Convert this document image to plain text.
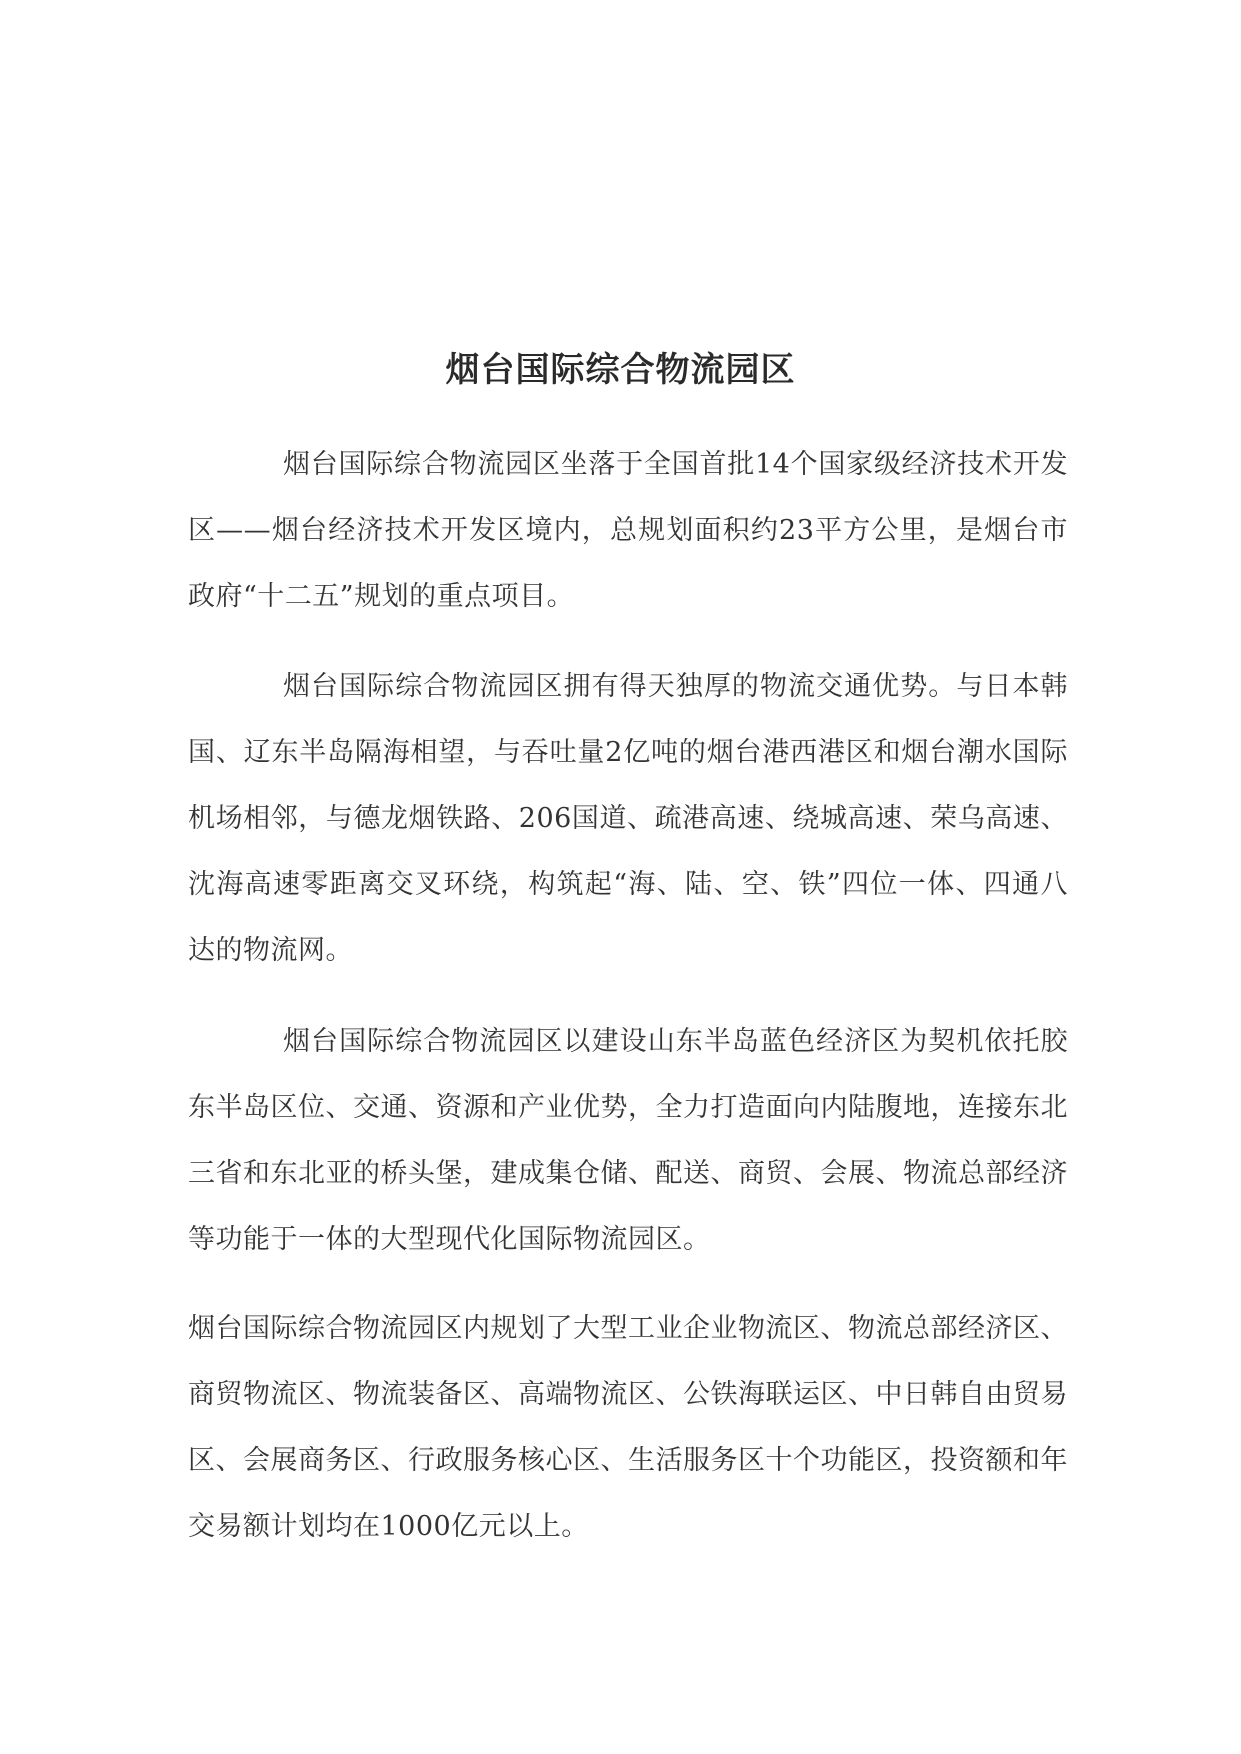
烟台国际综合物流园区

烟台国际综合物流园区坐落于全国首批14个国家级经济技术开发区——烟台经济技术开发区境内，总规划面积约23平方公里，是烟台市政府“十二五”规划的重点项目。

烟台国际综合物流园区拥有得天独厚的物流交通优势。与日本韩国、辽东半岛隔海相望，与吞吐量2亿吨的烟台港西港区和烟台潮水国际机场相邻，与德龙烟铁路、206国道、疏港高速、绕城高速、荣乌高速、沈海高速零距离交叉环绕，构筑起“海、陆、空、铁”四位一体、四通八达的物流网。

烟台国际综合物流园区以建设山东半岛蓝色经济区为契机依托胶东半岛区位、交通、资源和产业优势，全力打造面向内陆腹地，连接东北三省和东北亚的桥头堡，建成集仓储、配送、商贸、会展、物流总部经济等功能于一体的大型现代化国际物流园区。

烟台国际综合物流园区内规划了大型工业企业物流区、物流总部经济区、商贸物流区、物流装备区、高端物流区、公铁海联运区、中日韩自由贸易区、会展商务区、行政服务核心区、生活服务区十个功能区，投资额和年交易额计划均在1000亿元以上。
